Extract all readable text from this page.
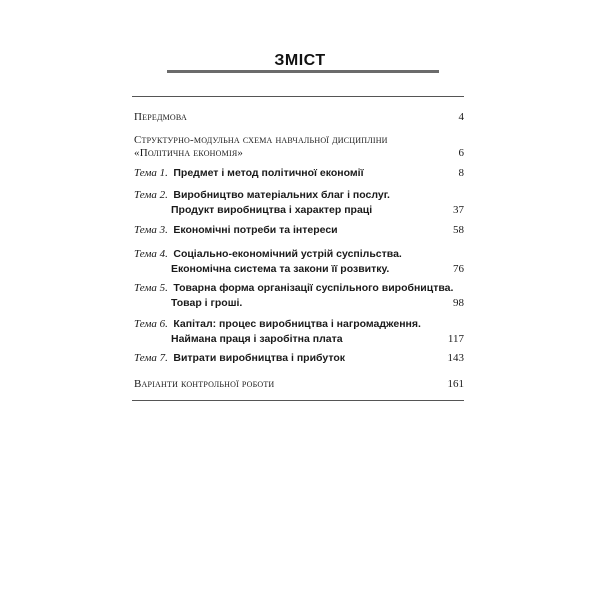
ЗМІСТ
Передмова	4
Структурно-модульна схема навчальної дисципліни
«Політична економія»	6
Тема 1. Предмет і метод політичної економії	8
Тема 2. Виробництво матеріальних благ і послуг.
Продукт виробництва і характер праці	37
Тема 3. Економічні потреби та інтереси	58
Тема 4. Соціально-економічний устрій суспільства.
Економічна система та закони її розвитку.	76
Тема 5. Товарна форма організації суспільного виробництва.
Товар і гроші.	98
Тема 6. Капітал: процес виробництва і нагромадження.
Наймана праця і заробітна плата	117
Тема 7. Витрати виробництва і прибуток	143
Варіанти контрольної роботи	161
